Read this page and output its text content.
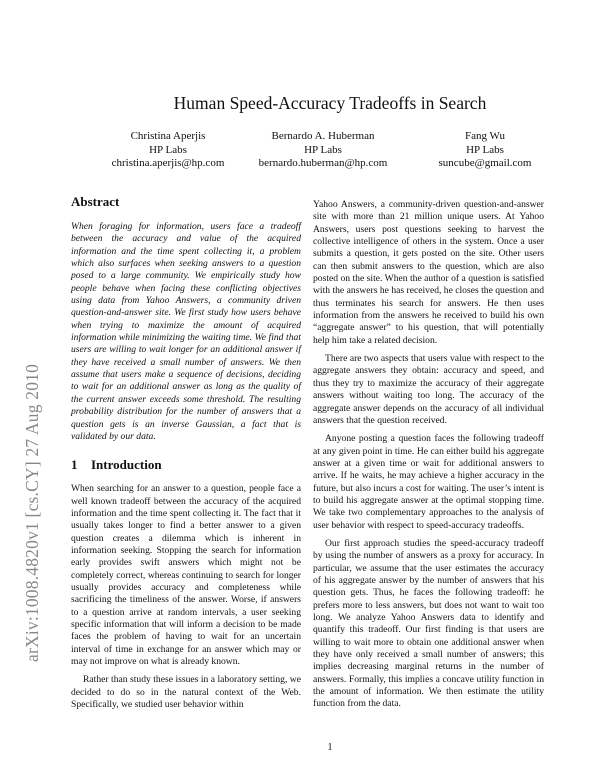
arXiv:1008.4820v1 [cs.CY] 27 Aug 2010
Human Speed-Accuracy Tradeoffs in Search
Christina Aperjis
HP Labs
christina.aperjis@hp.com
Bernardo A. Huberman
HP Labs
bernardo.huberman@hp.com
Fang Wu
HP Labs
suncube@gmail.com
Abstract

When foraging for information, users face a tradeoff between the accuracy and value of the acquired information and the time spent collecting it, a problem which also surfaces when seeking answers to a question posed to a large community. We empirically study how people behave when facing these conflicting objectives using data from Yahoo Answers, a community driven question-and-answer site. We first study how users behave when trying to maximize the amount of acquired information while minimizing the waiting time. We find that users are willing to wait longer for an additional answer if they have received a small number of answers. We then assume that users make a sequence of decisions, deciding to wait for an additional answer as long as the quality of the current answer exceeds some threshold. The resulting probability distribution for the number of answers that a question gets is an inverse Gaussian, a fact that is validated by our data.

1 Introduction

When searching for an answer to a question, people face a well known tradeoff between the accuracy of the acquired information and the time spent collecting it. The fact that it usually takes longer to find a better answer to a given question creates a dilemma which is inherent in information seeking. Stopping the search for information early provides swift answers which might not be completely correct, whereas continuing to search for longer usually provides accuracy and completeness while sacrificing the timeliness of the answer. Worse, if answers to a question arrive at random intervals, a user seeking specific information that will inform a decision to be made faces the problem of having to wait for an uncertain interval of time in exchange for an answer which may or may not improve on what is already known.

Rather than study these issues in a laboratory setting, we decided to do so in the natural context of the Web. Specifically, we studied user behavior within

Yahoo Answers, a community-driven question-and-answer site with more than 21 million unique users. At Yahoo Answers, users post questions seeking to harvest the collective intelligence of others in the system. Once a user submits a question, it gets posted on the site. Other users can then submit answers to the question, which are also posted on the site. When the author of a question is satisfied with the answers he has received, he closes the question and thus terminates his search for answers. He then uses information from the answers he received to build his own “aggregate answer” to his question, that will potentially help him take a related decision.

There are two aspects that users value with respect to the aggregate answers they obtain: accuracy and speed, and thus they try to maximize the accuracy of their aggregate answers without waiting too long. The accuracy of the aggregate answer depends on the accuracy of all individual answers that the question received.

Anyone posting a question faces the following tradeoff at any given point in time. He can either build his aggregate answer at a given time or wait for additional answers to arrive. If he waits, he may achieve a higher accuracy in the future, but also incurs a cost for waiting. The user’s intent is to build his aggregate answer at the optimal stopping time. We take two complementary approaches to the analysis of user behavior with respect to speed-accuracy tradeoffs.

Our first approach studies the speed-accuracy tradeoff by using the number of answers as a proxy for accuracy. In particular, we assume that the user estimates the accuracy of his aggregate answer by the number of answers that his question gets. Thus, he faces the following tradeoff: he prefers more to less answers, but does not want to wait too long. We analyze Yahoo Answers data to identify and quantify this tradeoff. Our first finding is that users are willing to wait more to obtain one additional answer when they have only received a small number of answers; this implies decreasing marginal returns in the number of answers. Formally, this implies a concave utility function in the amount of information. We then estimate the utility function from the data.

1
